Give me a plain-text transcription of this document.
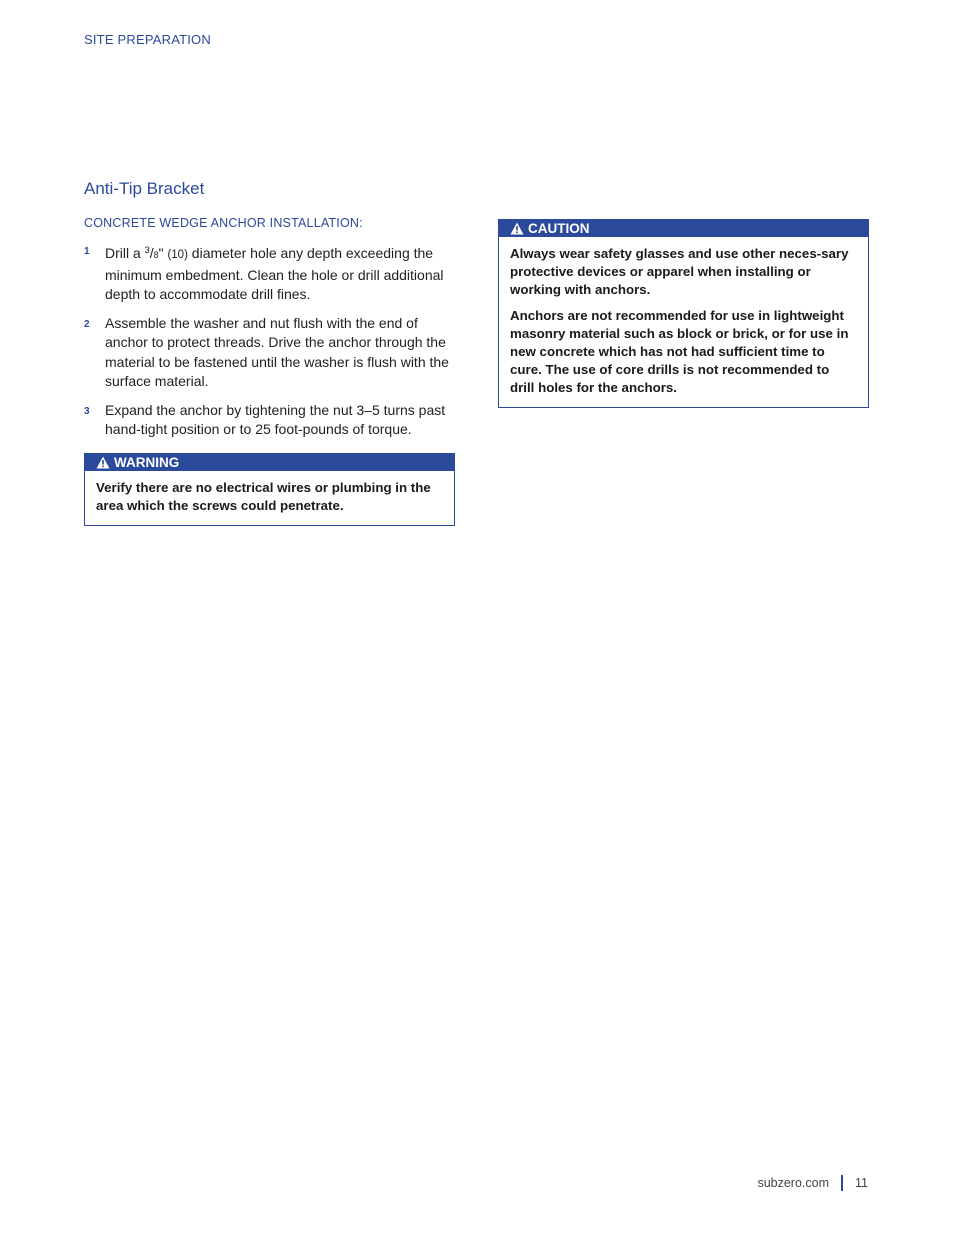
SITE PREPARATION
Anti-Tip Bracket
CONCRETE WEDGE ANCHOR INSTALLATION:
1	Drill a $^3$/8" (10) diameter hole any depth exceeding the minimum embedment. Clean the hole or drill additional depth to accommodate drill fines.
2	Assemble the washer and nut flush with the end of anchor to protect threads. Drive the anchor through the material to be fastened until the washer is flush with the surface material.
3	Expand the anchor by tightening the nut 3–5 turns past hand-tight position or to 25 foot-pounds of torque.
WARNING

Verify there are no electrical wires or plumbing in the area which the screws could penetrate.

CAUTION

Always wear safety glasses and use other neces-sary protective devices or apparel when installing or working with anchors.

Anchors are not recommended for use in lightweight masonry material such as block or brick, or for use in new concrete which has not had sufficient time to cure. The use of core drills is not recommended to drill holes for the anchors.

subzero.com 11
